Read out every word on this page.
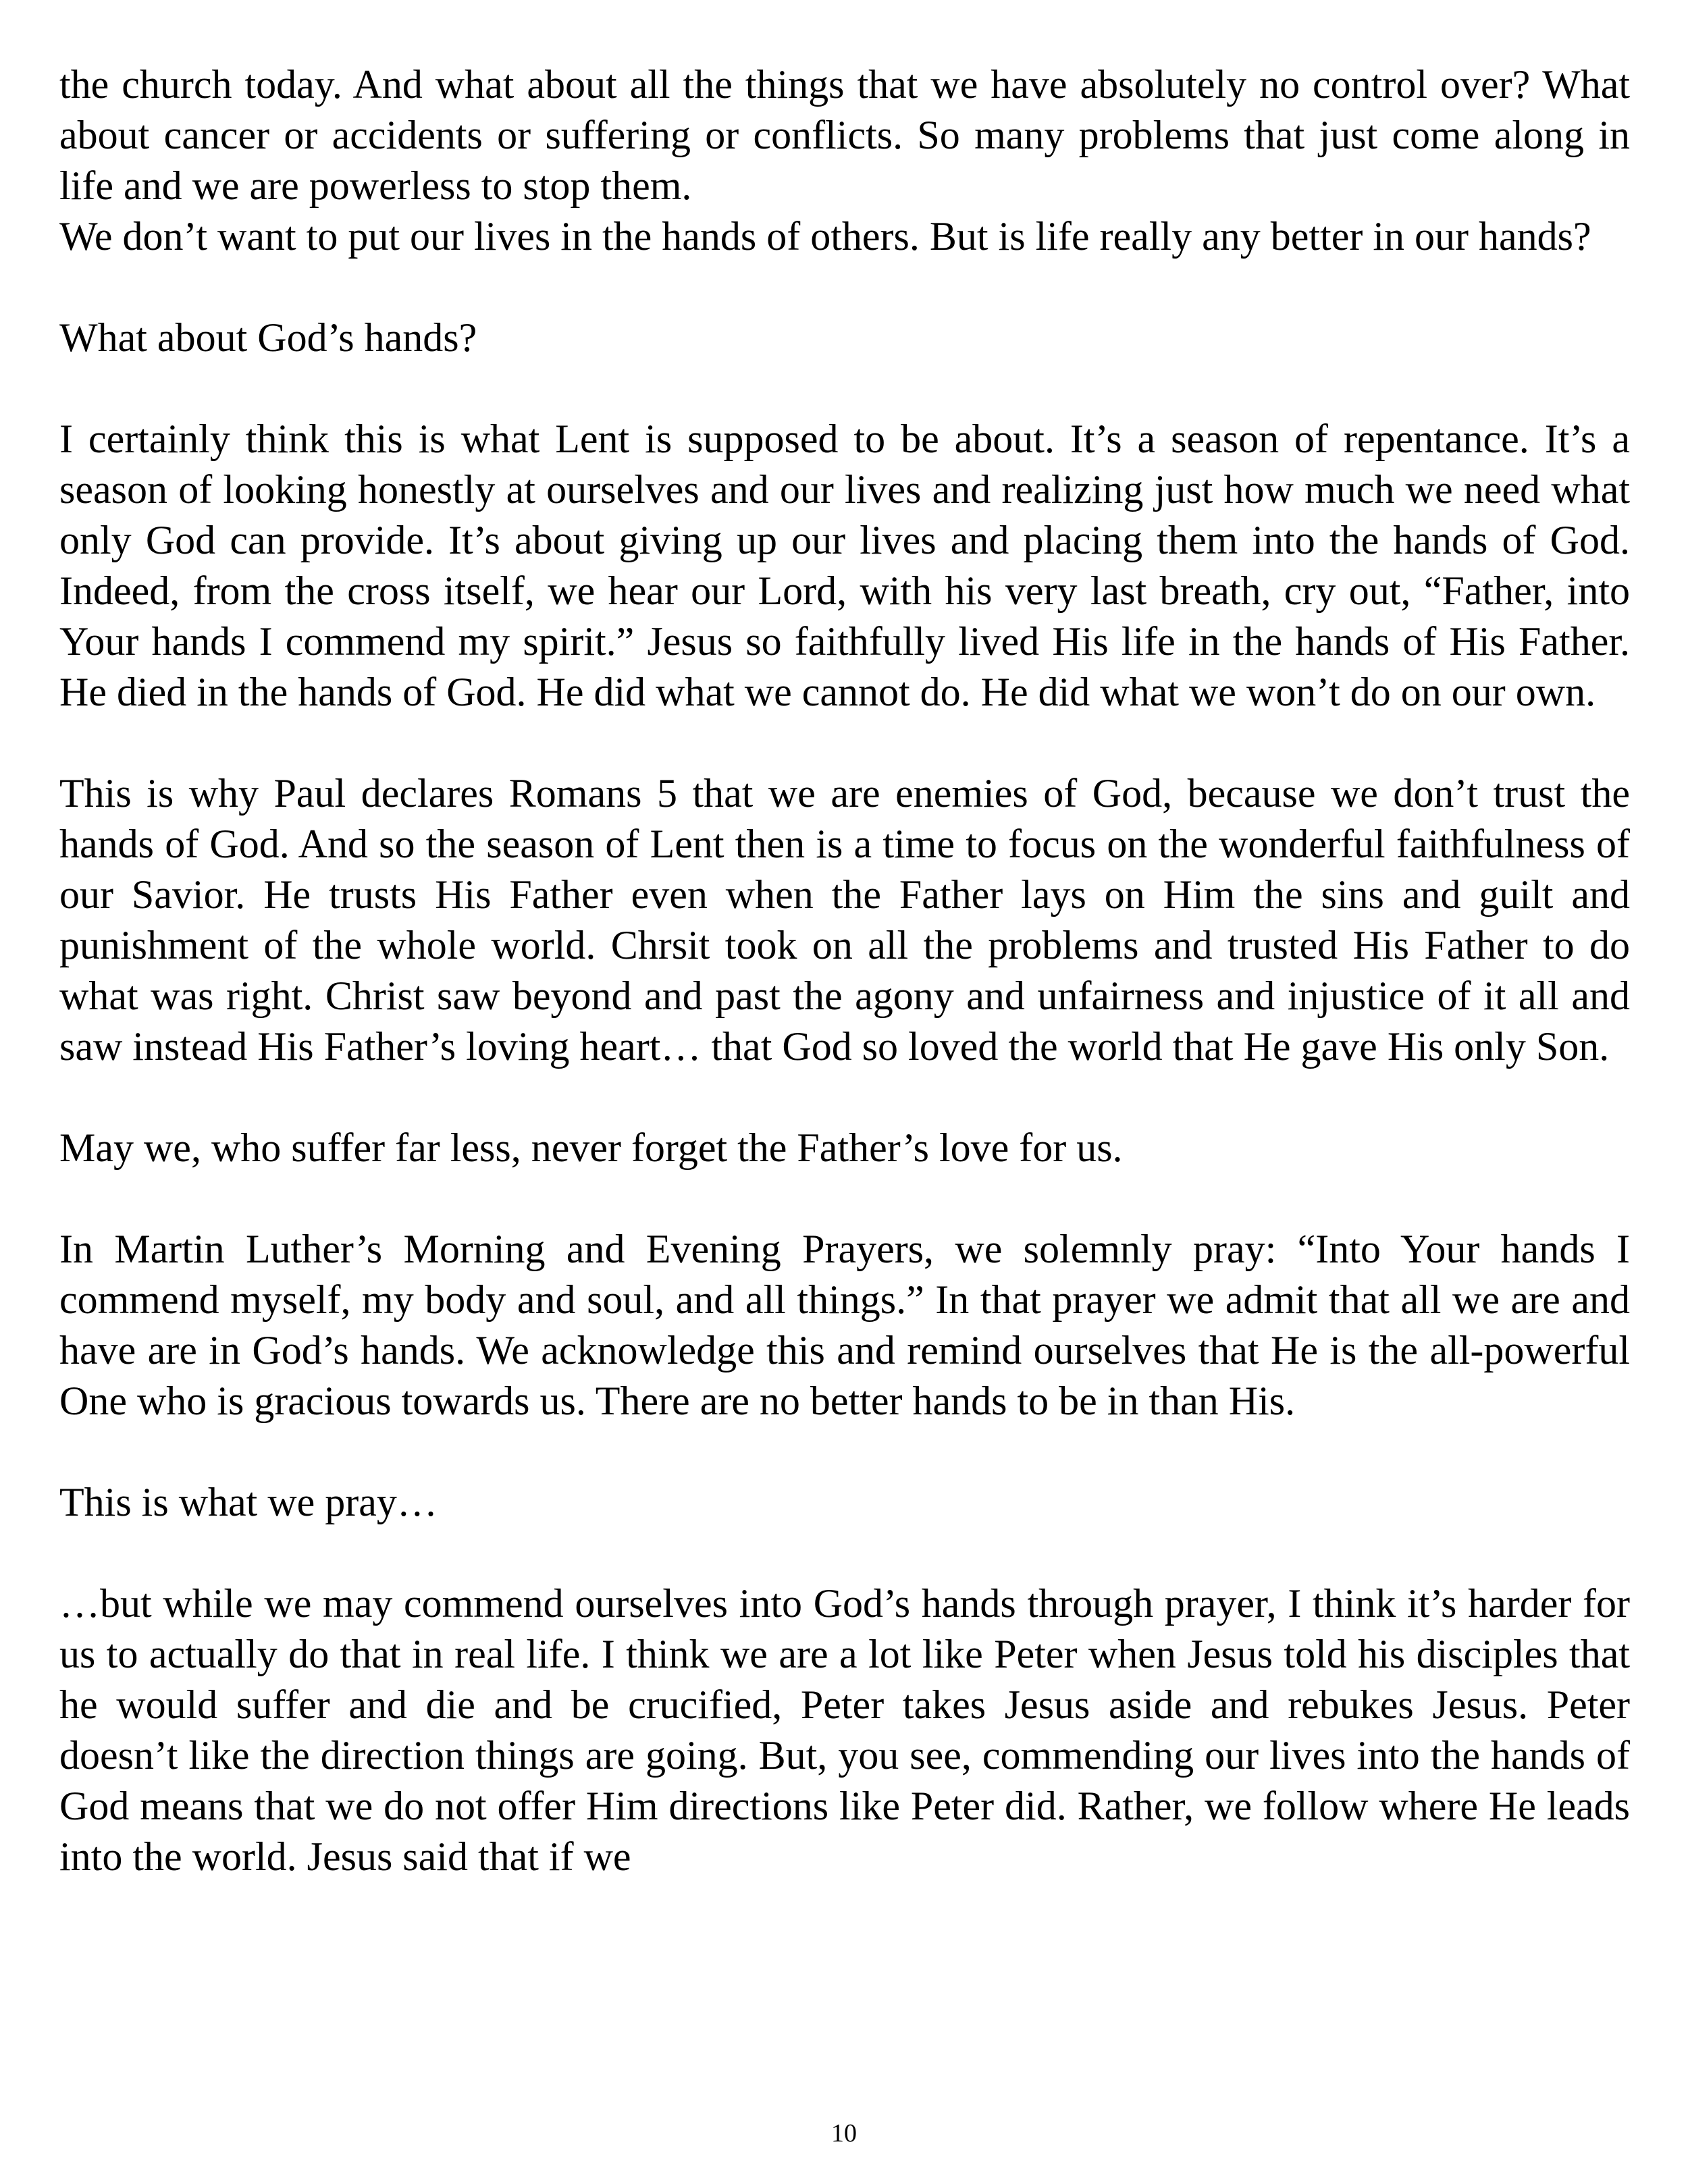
the church today. And what about all the things that we have absolutely no control over? What about cancer or accidents or suffering or conflicts. So many problems that just come along in life and we are powerless to stop them.
We don’t want to put our lives in the hands of others. But is life really any better in our hands?

What about God’s hands?

I certainly think this is what Lent is supposed to be about. It’s a season of repentance. It’s a season of looking honestly at ourselves and our lives and realizing just how much we need what only God can provide. It’s about giving up our lives and placing them into the hands of God. Indeed, from the cross itself, we hear our Lord, with his very last breath, cry out, “Father, into Your hands I commend my spirit.” Jesus so faithfully lived His life in the hands of His Father. He died in the hands of God. He did what we cannot do. He did what we won’t do on our own.

This is why Paul declares Romans 5 that we are enemies of God, because we don’t trust the hands of God. And so the season of Lent then is a time to focus on the wonderful faithfulness of our Savior. He trusts His Father even when the Father lays on Him the sins and guilt and punishment of the whole world. Chrsit took on all the problems and trusted His Father to do what was right. Christ saw beyond and past the agony and unfairness and injustice of it all and saw instead His Father’s loving heart… that God so loved the world that He gave His only Son.

May we, who suffer far less, never forget the Father’s love for us.

In Martin Luther’s Morning and Evening Prayers, we solemnly pray: “Into Your hands I commend myself, my body and soul, and all things.” In that prayer we admit that all we are and have are in God’s hands. We acknowledge this and remind ourselves that He is the all-powerful One who is gracious towards us. There are no better hands to be in than His.

This is what we pray…

…but while we may commend ourselves into God’s hands through prayer, I think it’s harder for us to actually do that in real life. I think we are a lot like Peter when Jesus told his disciples that he would suffer and die and be crucified, Peter takes Jesus aside and rebukes Jesus. Peter doesn’t like the direction things are going. But, you see, commending our lives into the hands of God means that we do not offer Him directions like Peter did. Rather, we follow where He leads into the world. Jesus said that if we

10
